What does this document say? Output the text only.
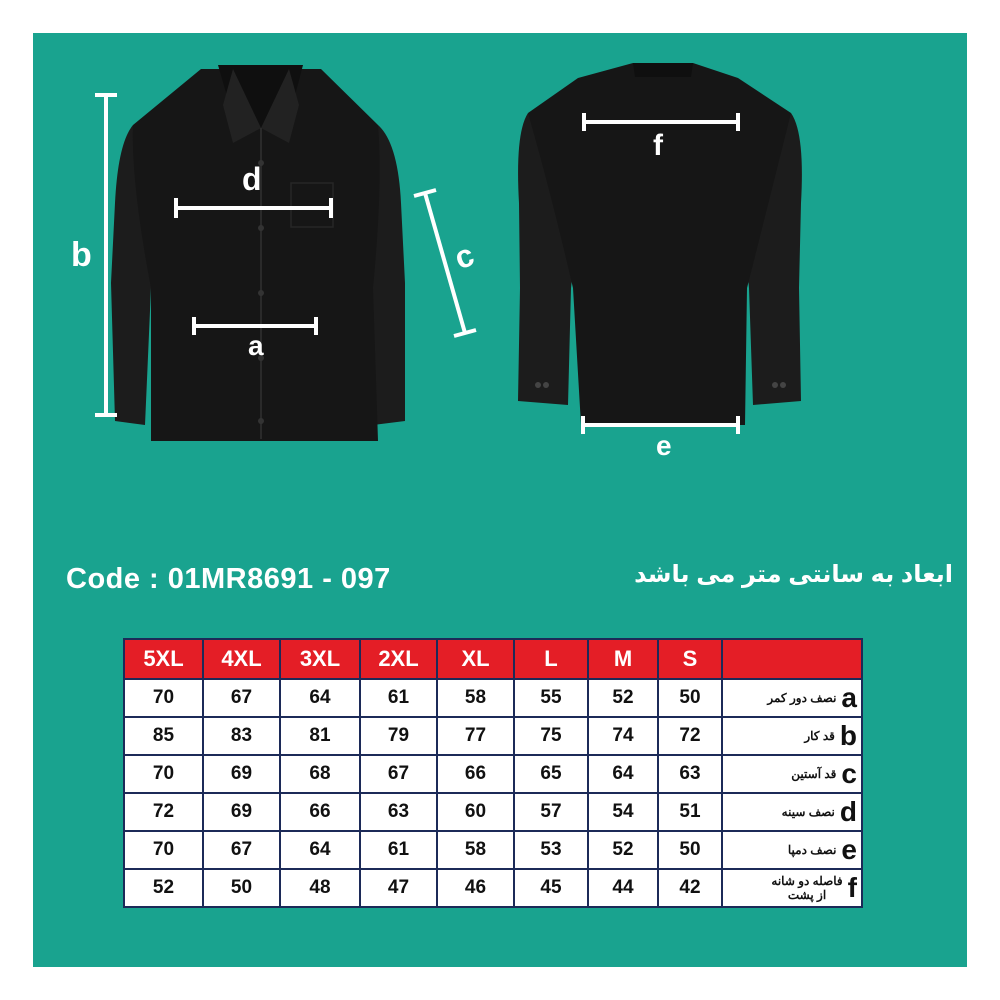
b
d
a
c
f
e
Code : 01MR8691 - 097	ابعاد به سانتی متر می باشد
5XL	4XL	3XL	2XL	XL	L	M	S	
70	67	64	61	58	55	52	50	a
نصف دور کمر

85	83	81	79	77	75	74	72	b
قد کار

70	69	68	67	66	65	64	63	c
قد آستین

72	69	66	63	60	57	54	51	d
نصف سینه

70	67	64	61	58	53	52	50	e
نصف دمپا

52	50	48	47	46	45	44	42	f
فاصله دو شانه
از پشت
